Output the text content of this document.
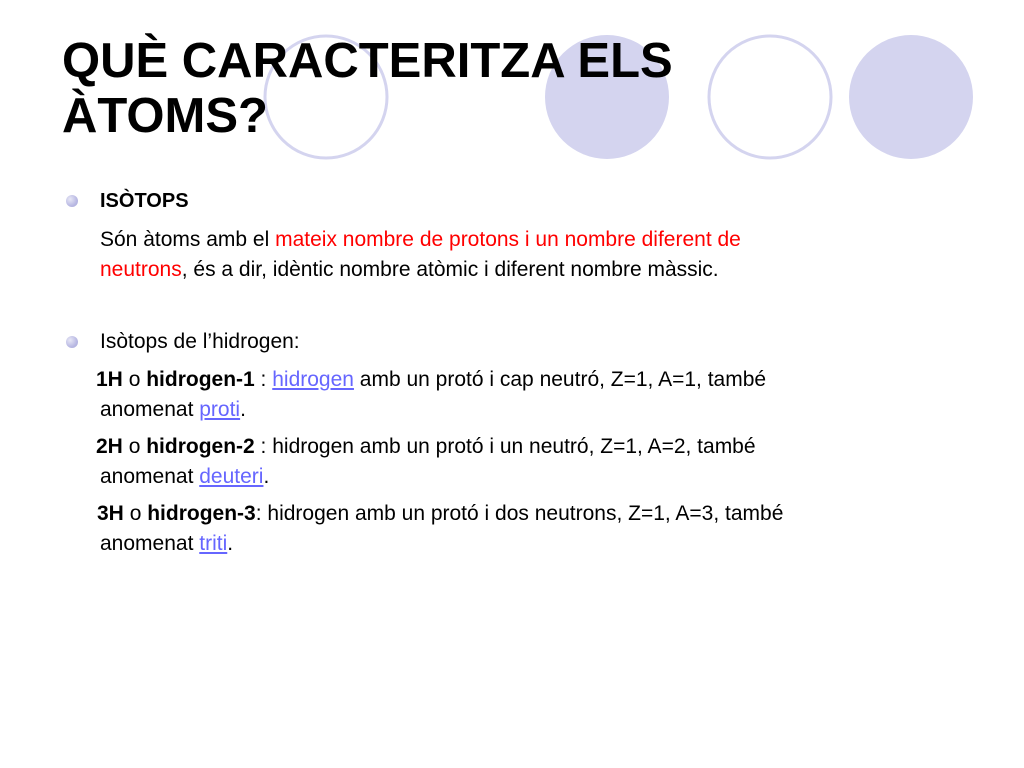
QUÈ CARACTERITZA ELS
ÀTOMS?

ISÒTOPS

Són àtoms amb el mateix nombre de protons i un nombre diferent de
neutrons, és a dir, idèntic nombre atòmic i diferent nombre màssic.

Isòtops de l’hidrogen:

1H o hidrogen-1 : hidrogen amb un protó i cap neutró, Z=1, A=1, també
anomenat proti.

2H o hidrogen-2 : hidrogen amb un protó i un neutró, Z=1, A=2, també
anomenat deuteri.

3H o hidrogen-3: hidrogen amb un protó i dos neutrons, Z=1, A=3, també
anomenat triti.
